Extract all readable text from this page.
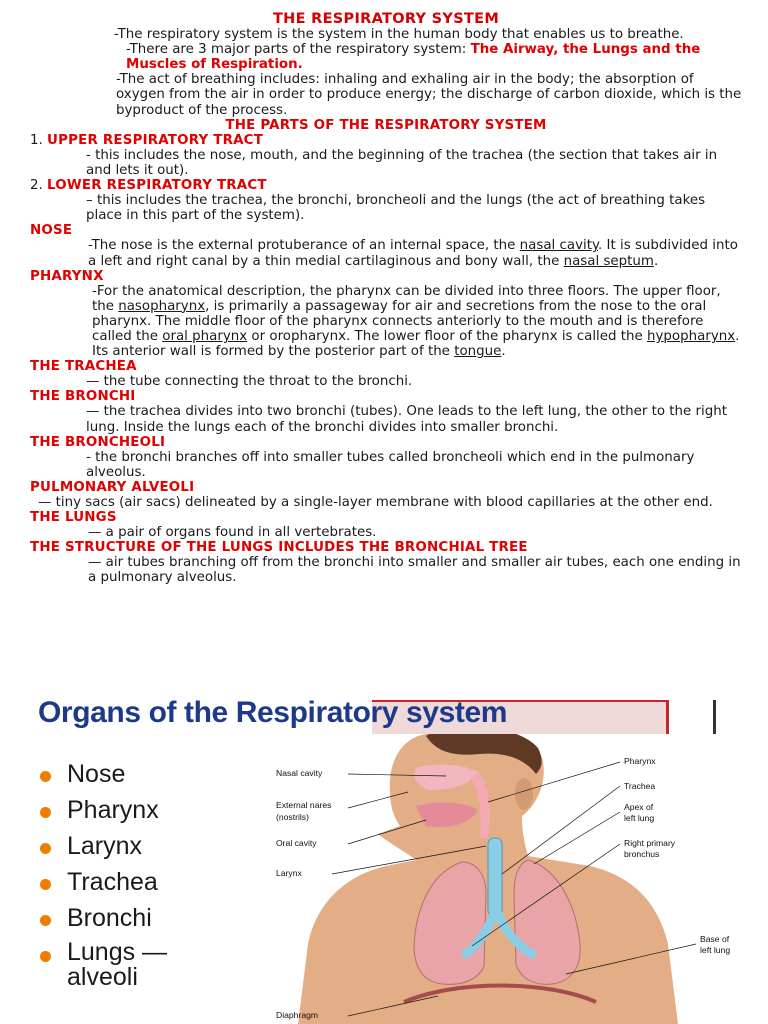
THE RESPIRATORY SYSTEM

-The respiratory system is the system in the human body that enables us to breathe.

-There are 3 major parts of the respiratory system: The Airway, the Lungs and the Muscles of Respiration.

-The act of breathing includes: inhaling and exhaling air in the body; the absorption of oxygen from the air in order to produce energy; the discharge of carbon dioxide, which is the byproduct of the process.

THE PARTS OF THE RESPIRATORY SYSTEM

1. UPPER RESPIRATORY TRACT

- this includes the nose, mouth, and the beginning of the trachea (the section that takes air in and lets it out).

2. LOWER RESPIRATORY TRACT

– this includes the trachea, the bronchi, broncheoli and the lungs (the act of breathing takes place in this part of the system).

NOSE

-The nose is the external protuberance of an internal space, the nasal cavity. It is subdivided into a left and right canal by a thin medial cartilaginous and bony wall, the nasal septum.

PHARYNX

-For the anatomical description, the pharynx can be divided into three floors. The upper floor, the nasopharynx, is primarily a passageway for air and secretions from the nose to the oral pharynx. The middle floor of the pharynx connects anteriorly to the mouth and is therefore called the oral pharynx or oropharynx. The lower floor of the pharynx is called the hypopharynx. Its anterior wall is formed by the posterior part of the tongue.

THE TRACHEA

— the tube connecting the throat to the bronchi.

THE BRONCHI

— the trachea divides into two bronchi (tubes). One leads to the left lung, the other to the right lung. Inside the lungs each of the bronchi divides into smaller bronchi.

THE BRONCHEOLI

- the bronchi branches off into smaller tubes called broncheoli which end in the pulmonary alveolus.

PULMONARY ALVEOLI

— tiny sacs (air sacs) delineated by a single-layer membrane with blood capillaries at the other end.

THE LUNGS

— a pair of organs found in all vertebrates.

THE STRUCTURE OF THE LUNGS INCLUDES THE BRONCHIAL TREE

— air tubes branching off from the bronchi into smaller and smaller air tubes, each one ending in a pulmonary alveolus.

Organs of the Respiratory system
Nose
Pharynx
Larynx
Trachea
Bronchi
Lungs —
alveoli
Nasal cavity
External nares
(nostrils)
Oral cavity
Larynx
Diaphragm
Pharynx
Trachea
Apex of
left lung
Right primary
bronchus
Base of
left lung
